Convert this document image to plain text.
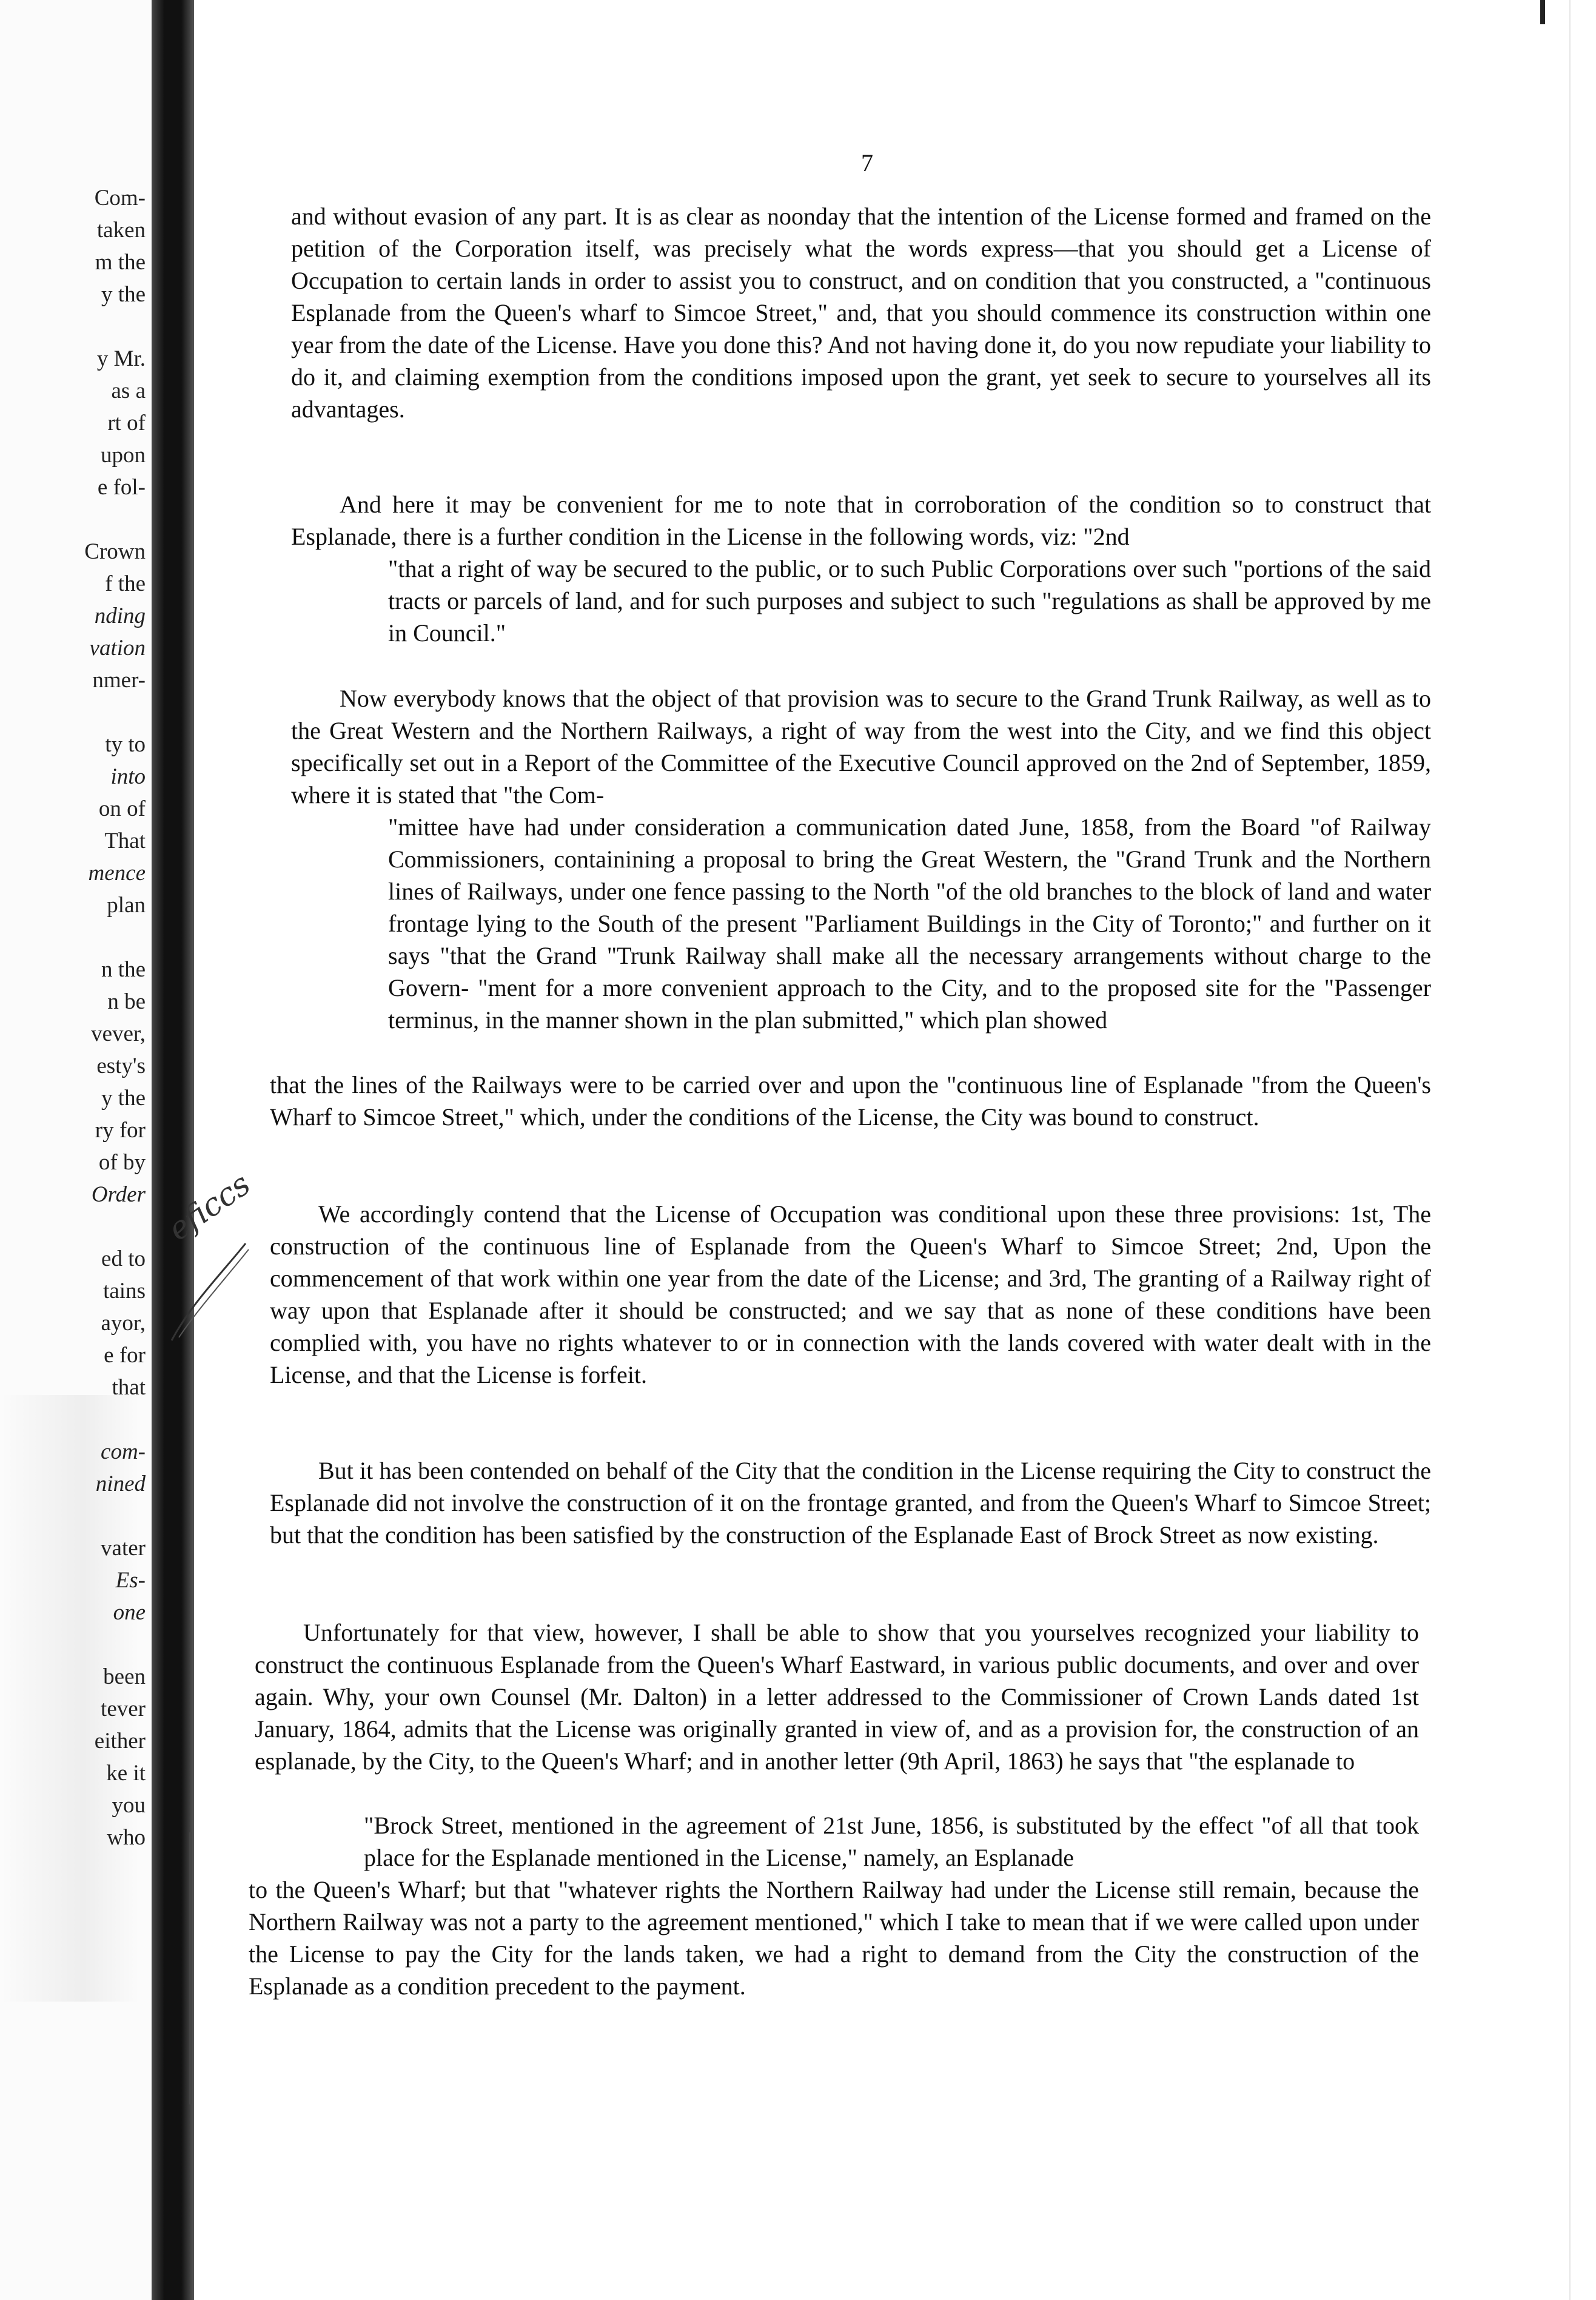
Com-
taken
m the
y the
y Mr.
as a
rt of
upon
e fol-
Crown
f the
nding
vation
nmer-
ty to
into
on of
That
mence
plan
n the
n be
vever,
esty's
y the
ry for
of by
Order
ed to
tains
ayor,
e for
that
com-
nined
vater
Es-
one
been
tever
either
ke it
you
who
7
and without evasion of any part. It is as clear as noonday that the intention of the License formed and framed on the petition of the Corporation itself, was precisely what the words express—that you should get a License of Occupation to certain lands in order to assist you to construct, and on condition that you constructed, a "continuous Esplanade from the Queen's wharf to Simcoe Street," and, that you should commence its construction within one year from the date of the License. Have you done this? And not having done it, do you now repudiate your liability to do it, and claiming exemption from the conditions imposed upon the grant, yet seek to secure to yourselves all its advantages.
And here it may be convenient for me to note that in corroboration of the condition so to construct that Esplanade, there is a further condition in the License in the following words, viz: "2nd
"that a right of way be secured to the public, or to such Public Corporations over such "portions of the said tracts or parcels of land, and for such purposes and subject to such "regulations as shall be approved by me in Council."
Now everybody knows that the object of that provision was to secure to the Grand Trunk Railway, as well as to the Great Western and the Northern Railways, a right of way from the west into the City, and we find this object specifically set out in a Report of the Committee of the Executive Council approved on the 2nd of September, 1859, where it is stated that "the Com-
"mittee have had under consideration a communication dated June, 1858, from the Board "of Railway Commissioners, containining a proposal to bring the Great Western, the "Grand Trunk and the Northern lines of Railways, under one fence passing to the North "of the old branches to the block of land and water frontage lying to the South of the present "Parliament Buildings in the City of Toronto;" and further on it says "that the Grand "Trunk Railway shall make all the necessary arrangements without charge to the Govern- "ment for a more convenient approach to the City, and to the proposed site for the "Passenger terminus, in the manner shown in the plan submitted," which plan showed
that the lines of the Railways were to be carried over and upon the "continuous line of Esplanade "from the Queen's Wharf to Simcoe Street," which, under the conditions of the License, the City was bound to construct.
We accordingly contend that the License of Occupation was conditional upon these three provisions: 1st, The construction of the continuous line of Esplanade from the Queen's Wharf to Simcoe Street; 2nd, Upon the commencement of that work within one year from the date of the License; and 3rd, The granting of a Railway right of way upon that Esplanade after it should be constructed; and we say that as none of these conditions have been complied with, you have no rights whatever to or in connection with the lands covered with water dealt with in the License, and that the License is forfeit.
But it has been contended on behalf of the City that the condition in the License requiring the City to construct the Esplanade did not involve the construction of it on the frontage granted, and from the Queen's Wharf to Simcoe Street; but that the condition has been satisfied by the construction of the Esplanade East of Brock Street as now existing.
Unfortunately for that view, however, I shall be able to show that you yourselves recognized your liability to construct the continuous Esplanade from the Queen's Wharf Eastward, in various public documents, and over and over again. Why, your own Counsel (Mr. Dalton) in a letter addressed to the Commissioner of Crown Lands dated 1st January, 1864, admits that the License was originally granted in view of, and as a provision for, the construction of an esplanade, by the City, to the Queen's Wharf; and in another letter (9th April, 1863) he says that "the esplanade to
"Brock Street, mentioned in the agreement of 21st June, 1856, is substituted by the effect "of all that took place for the Esplanade mentioned in the License," namely, an Esplanade
to the Queen's Wharf; but that "whatever rights the Northern Railway had under the License still remain, because the Northern Railway was not a party to the agreement mentioned," which I take to mean that if we were called upon under the License to pay the City for the lands taken, we had a right to demand from the City the construction of the Esplanade as a condition precedent to the payment.
eficcs
